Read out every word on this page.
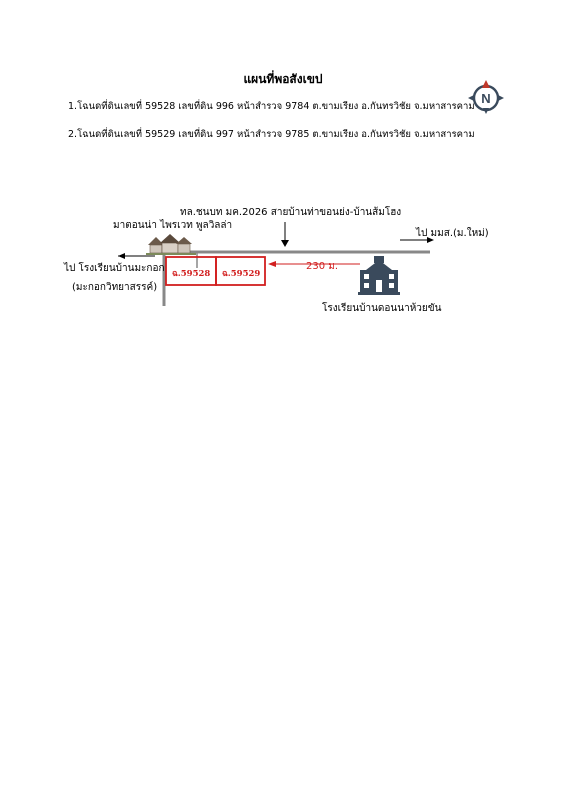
แผนที่พอสังเขป
1.โฉนดที่ดินเลขที่ 59528 เลขที่ดิน 996 หน้าสำรวจ 9784 ต.ขามเรียง อ.กันทรวิชัย จ.มหาสารคาม
2.โฉนดที่ดินเลขที่ 59529 เลขที่ดิน 997 หน้าสำรวจ 9785 ต.ขามเรียง อ.กันทรวิชัย จ.มหาสารคาม
N
ทล.ชนบท มค.2026 สายบ้านท่าขอนย่ง-บ้านส้มโฮง
มาตอนน่า ไพรเวท พูลวิลล่า
ไป โรงเรียนบ้านมะกอก
(มะกอกวิทยาสรรค์)
ไป มมส.(ม.ใหม่)
ฉ.59528 ฉ.59529
230 ม.
โรงเรียนบ้านดอนนาห้วยขัน
